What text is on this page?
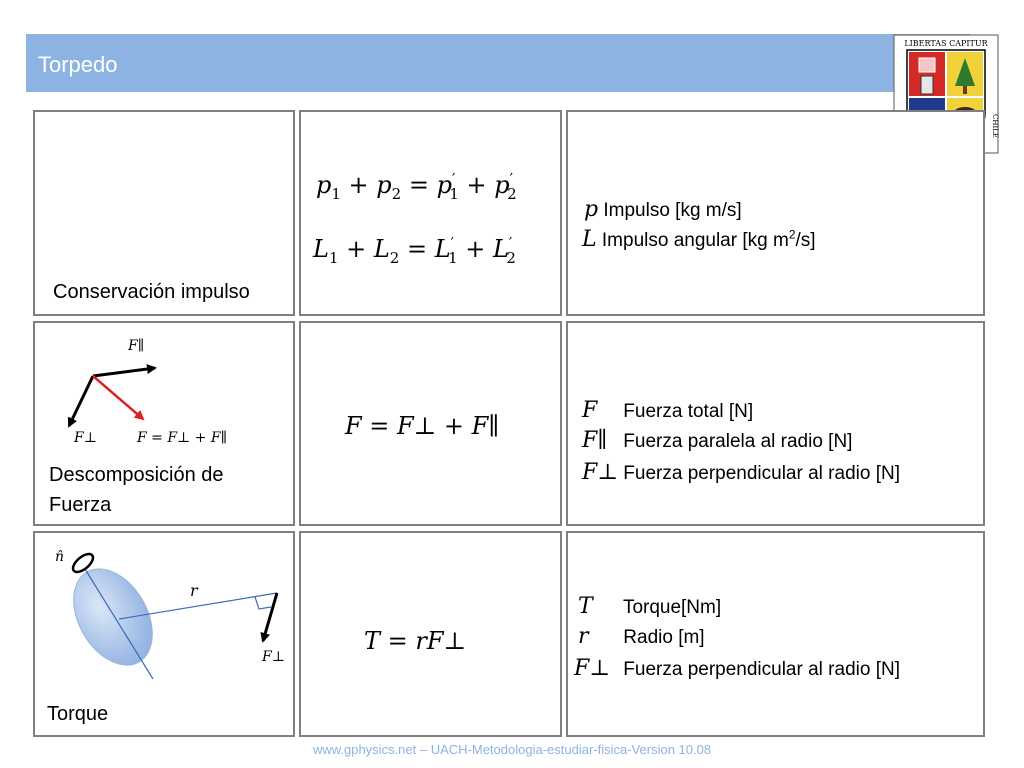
Torpedo
LIBERTAS CAPITUR
CHILE
Conservación impulso
$p_1 + p_2 = p'_1 + p'_2$
$L_1 + L_2 = L'_1 + L'_2$
p Impulso [kg m/s]
L Impulso angular [kg $m^2/s$]
F∥
F⊥	F = F⊥ + F∥
Descomposición de
Fuerza
F = F⊥ + F∥
F Fuerza total [N]
F∥ Fuerza paralela al radio [N]
F⊥ Fuerza perpendicular al radio [N]
n̂
r
F⊥
Torque
T = rF⊥
T Torque[Nm]
r Radio [m]
F⊥ Fuerza perpendicular al radio [N]
www.gphysics.net – UACH-Metodologia-estudiar-fisica-Version 10.08
